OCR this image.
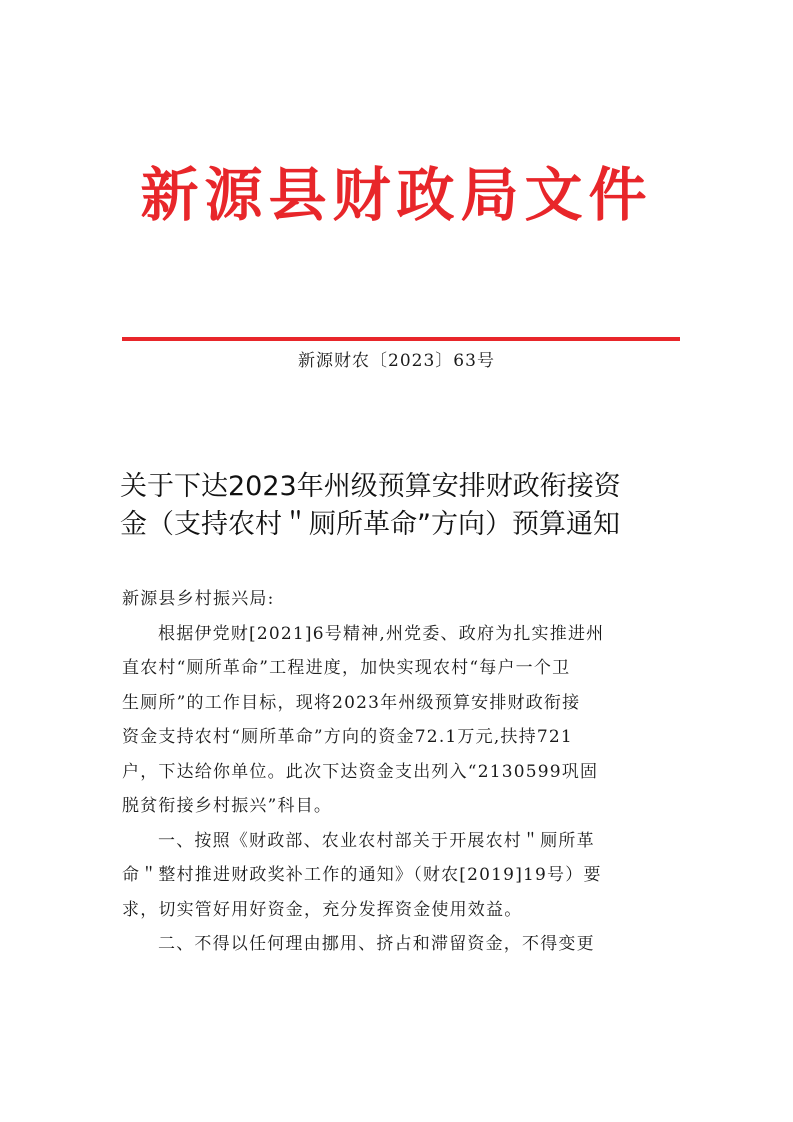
新源县财政局文件
新源财农〔2023〕63号
关于下达2023年州级预算安排财政衔接资
金（支持农村＂厕所革命”方向）预算通知
新源县乡村振兴局:
根据伊党财[2021]6号精神,州党委、政府为扎实推进州
直农村“厕所革命”工程进度，加快实现农村“每户一个卫
生厕所”的工作目标，现将2023年州级预算安排财政衔接
资金支持农村“厕所革命”方向的资金72.1万元,扶持721
户，下达给你单位。此次下达资金支出列入“2130599巩固
脱贫衔接乡村振兴”科目。
一、按照《财政部、农业农村部关于开展农村＂厕所革
命＂整村推进财政奖补工作的通知》（财农[2019]19号）要
求，切实管好用好资金，充分发挥资金使用效益。
二、不得以任何理由挪用、挤占和滞留资金，不得变更
